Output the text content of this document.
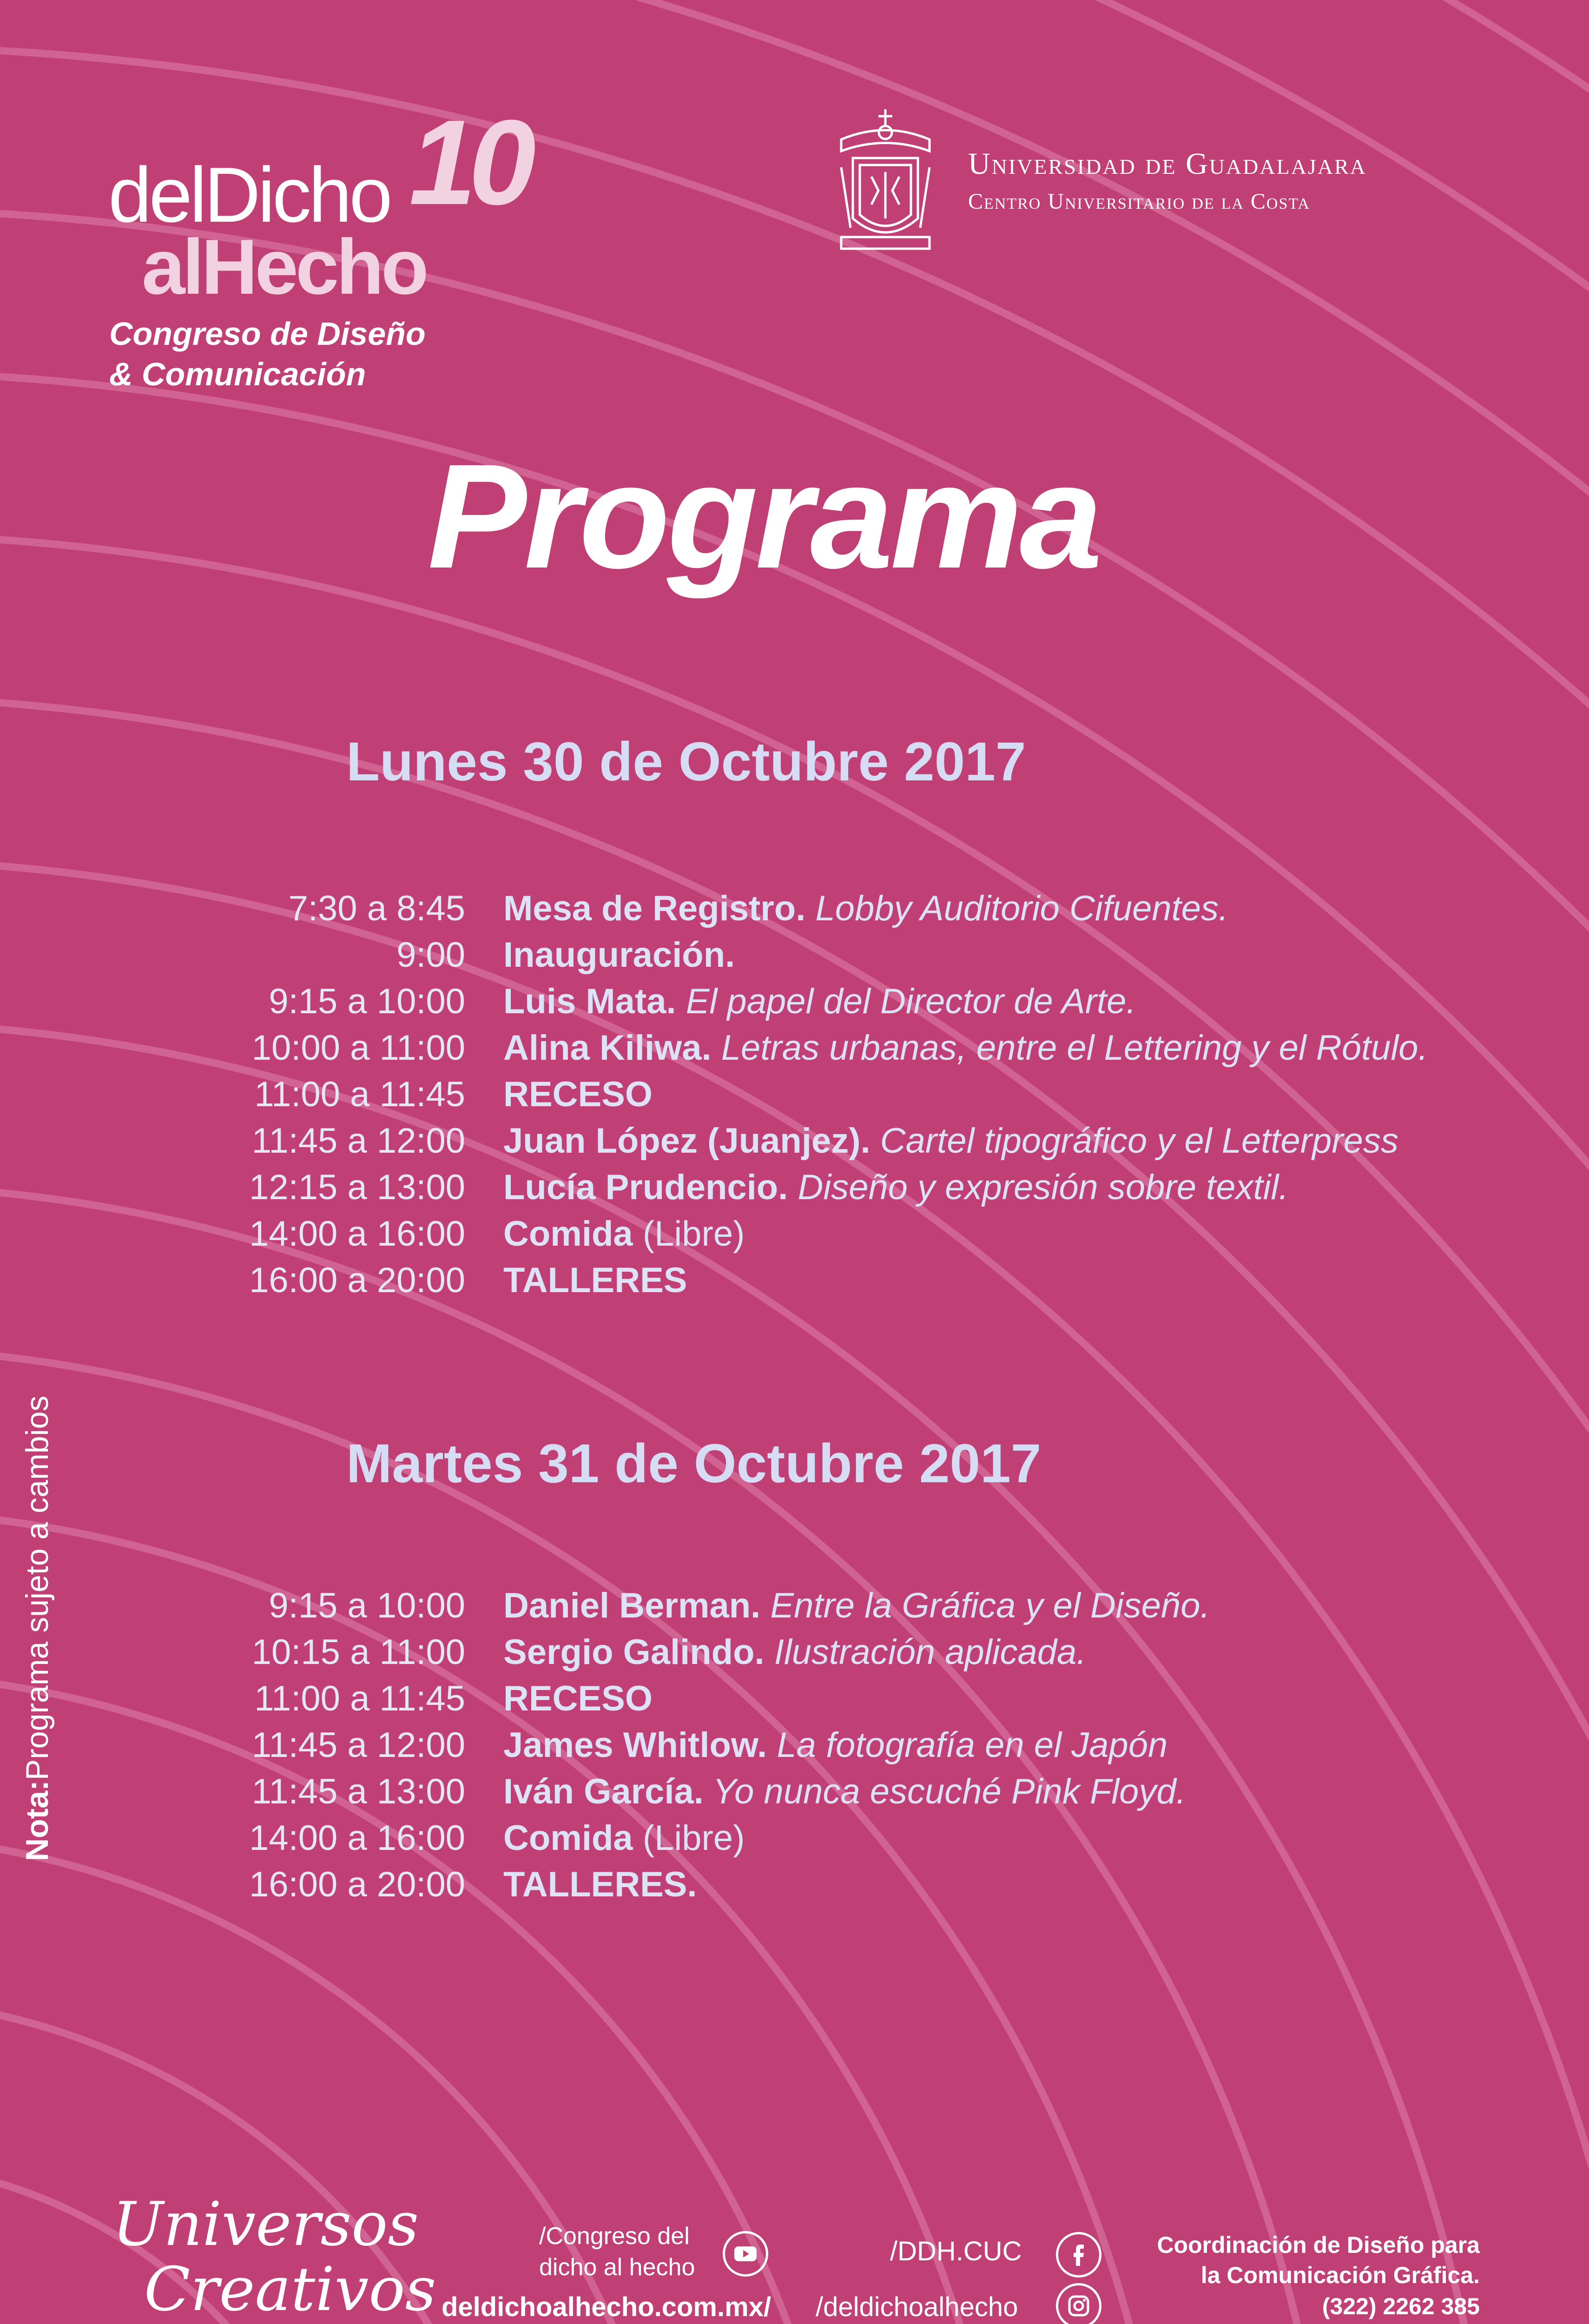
delDicho 10
alHecho
Congreso de Diseño
& Comunicación
Universidad de Guadalajara
Centro Universitario de la Costa
Programa
Lunes 30 de Octubre 2017
7:30 a 8:45 Mesa de Registro. Lobby Auditorio Cifuentes.
9:00 Inauguración.
9:15 a 10:00 Luis Mata. El papel del Director de Arte.
10:00 a 11:00 Alina Kiliwa. Letras urbanas, entre el Lettering y el Rótulo.
11:00 a 11:45 RECESO
11:45 a 12:00 Juan López (Juanjez). Cartel tipográfico y el Letterpress
12:15 a 13:00 Lucía Prudencio. Diseño y expresión sobre textil.
14:00 a 16:00 Comida (Libre)
16:00 a 20:00 TALLERES
Martes 31 de Octubre 2017
9:15 a 10:00 Daniel Berman. Entre la Gráfica y el Diseño.
10:15 a 11:00 Sergio Galindo. Ilustración aplicada.
11:00 a 11:45 RECESO
11:45 a 12:00 James Whitlow. La fotografía en el Japón
11:45 a 13:00 Iván García. Yo nunca escuché Pink Floyd.
14:00 a 16:00 Comida (Libre)
16:00 a 20:00 TALLERES.
Nota:Programa sujeto a cambios
Universos
Creativos
/Congreso del
dicho al hecho
deldichoalhecho.com.mx/
/DDH.CUC
/deldichoalhecho
Coordinación de Diseño para
la Comunicación Gráfica.
(322) 2262 385
